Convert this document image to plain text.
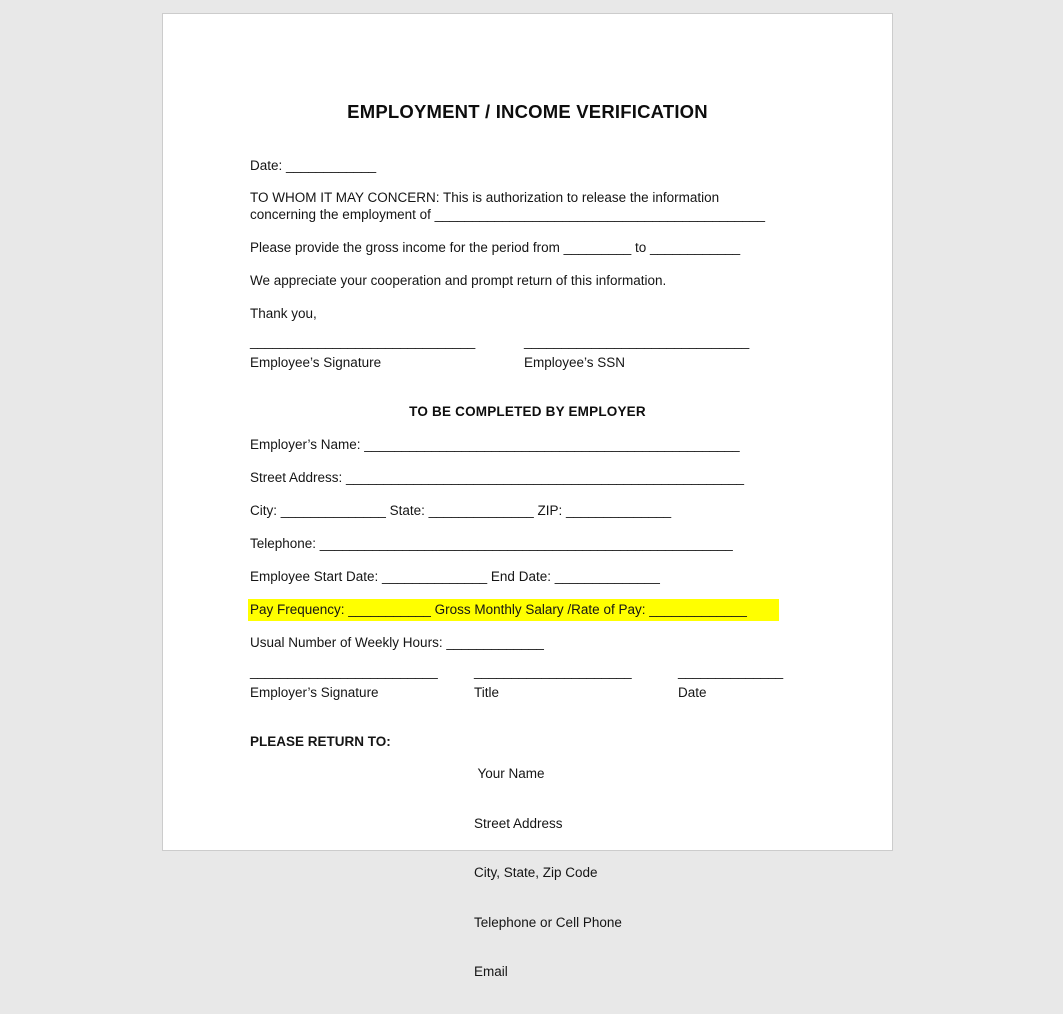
EMPLOYMENT / INCOME VERIFICATION
Date: ____________
TO WHOM IT MAY CONCERN: This is authorization to release the information
concerning the employment of ____________________________________________
Please provide the gross income for the period from _________ to ____________
We appreciate your cooperation and prompt return of this information.
Thank you,
______________________________	______________________________
Employee’s Signature	Employee’s SSN
TO BE COMPLETED BY EMPLOYER
Employer’s Name: __________________________________________________
Street Address: _____________________________________________________
City: ______________ State: ______________ ZIP: ______________
Telephone: _______________________________________________________
Employee Start Date: ______________ End Date: ______________
Pay Frequency: ___________ Gross Monthly Salary /Rate of Pay: _____________
Usual Number of Weekly Hours: _____________
_________________________	_____________________	______________
Employer’s Signature	Title	Date
PLEASE RETURN TO:

Your Name

Street Address

City, State, Zip Code

Telephone or Cell Phone

Email
